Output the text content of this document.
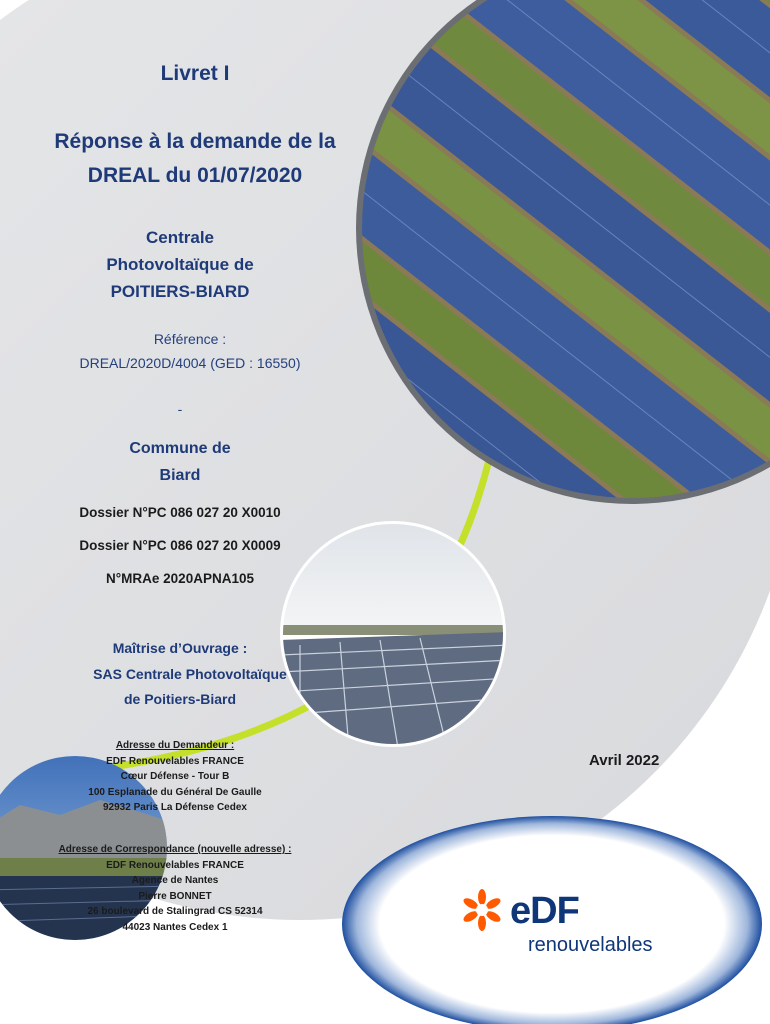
Livret I
Réponse à la demande de la
DREAL du 01/07/2020
Centrale
Photovoltaïque de
POITIERS-BIARD
Référence :
DREAL/2020D/4004 (GED : 16550)
-
Commune de
Biard
Dossier N°PC 086 027 20 X0010
Dossier N°PC 086 027 20 X0009
N°MRAe 2020APNA105
Maîtrise d’Ouvrage :
SAS Centrale Photovoltaïque
de Poitiers-Biard
Adresse du Demandeur :
EDF Renouvelables FRANCE
Cœur Défense - Tour B
100 Esplanade du Général De Gaulle
92932 Paris La Défense Cedex
Adresse de Correspondance (nouvelle adresse) :
EDF Renouvelables FRANCE
Agence de Nantes
Pierre BONNET
26 boulevard de Stalingrad CS 52314
44023 Nantes Cedex 1
Avril 2022
eDF
renouvelables
